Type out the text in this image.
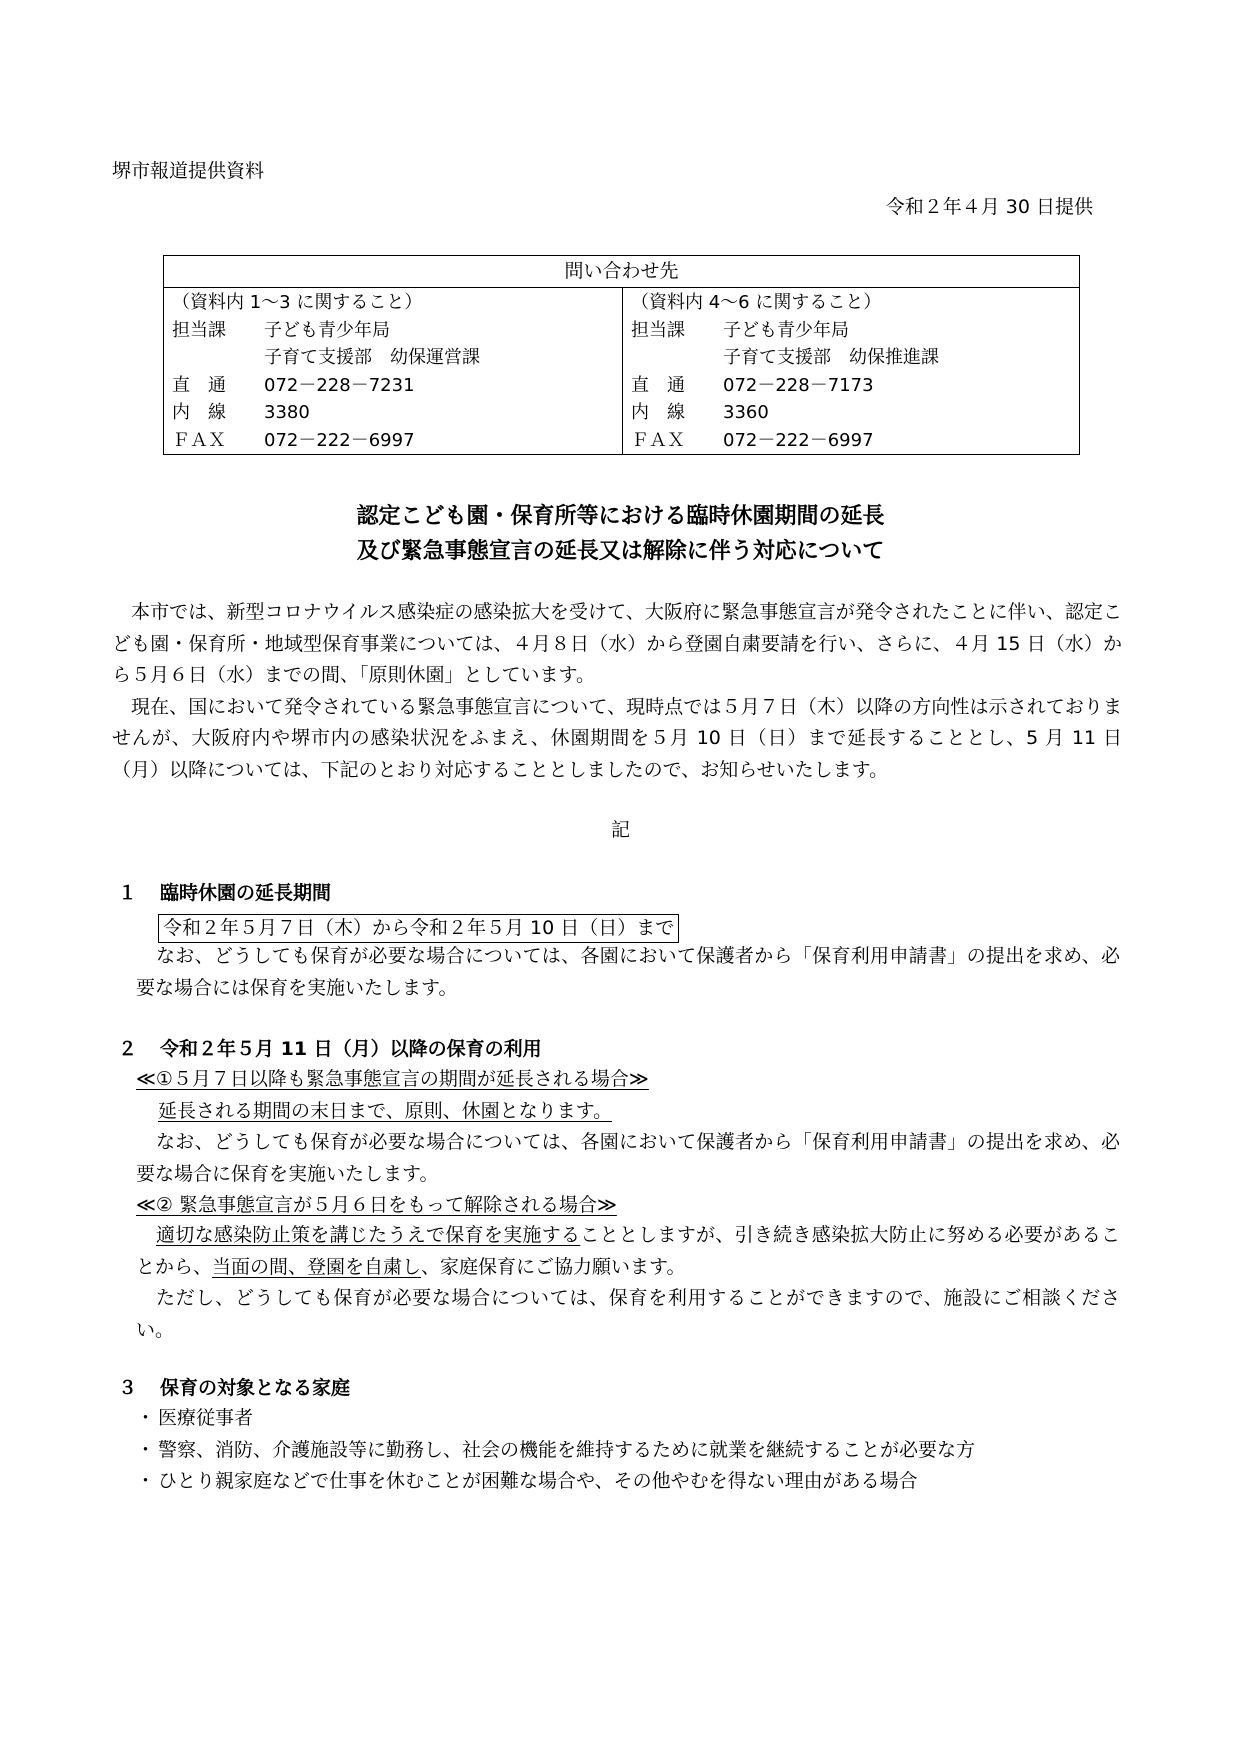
堺市報道提供資料
令和２年４月 30 日提供
問い合わせ先
（資料内 1〜3 に関すること）
担当課 子ども青少年局
子育て支援部　幼保運営課
直　通 072－228－7231
内　線 3380
ＦＡＸ 072－222－6997
（資料内 4〜6 に関すること）
担当課 子ども青少年局
子育て支援部　幼保推進課
直　通 072－228－7173
内　線 3360
ＦＡＸ 072－222－6997
認定こども園・保育所等における臨時休園期間の延長
及び緊急事態宣言の延長又は解除に伴う対応について

本市では、新型コロナウイルス感染症の感染拡大を受けて、大阪府に緊急事態宣言が発令されたことに伴い、認定こども園・保育所・地域型保育事業については、４月８日（水）から登園自粛要請を行い、さらに、４月 15 日（水）から５月６日（水）までの間、「原則休園」としています。

現在、国において発令されている緊急事態宣言について、現時点では５月７日（木）以降の方向性は示されておりませんが、大阪府内や堺市内の感染状況をふまえ、休園期間を５月 10 日（日）まで延長することとし、5 月 11 日（月）以降については、下記のとおり対応することとしましたので、お知らせいたします。

記
１ 臨時休園の延長期間
令和２年５月７日（木）から令和２年５月 10 日（日）まで

なお、どうしても保育が必要な場合については、各園において保護者から「保育利用申請書」の提出を求め、必要な場合には保育を実施いたします。

２ 令和２年５月 11 日（月）以降の保育の利用
≪①５月７日以降も緊急事態宣言の期間が延長される場合≫
延長される期間の末日まで、原則、休園となります。

なお、どうしても保育が必要な場合については、各園において保護者から「保育利用申請書」の提出を求め、必要な場合に保育を実施いたします。

≪② 緊急事態宣言が５月６日をもって解除される場合≫

適切な感染防止策を講じたうえで保育を実施することとしますが、引き続き感染拡大防止に努める必要があることから、当面の間、登園を自粛し、家庭保育にご協力願います。

ただし、どうしても保育が必要な場合については、保育を利用することができますので、施設にご相談ください。

３ 保育の対象となる家庭
・ 医療従事者
・ 警察、消防、介護施設等に勤務し、社会の機能を維持するために就業を継続することが必要な方
・ ひとり親家庭などで仕事を休むことが困難な場合や、その他やむを得ない理由がある場合
